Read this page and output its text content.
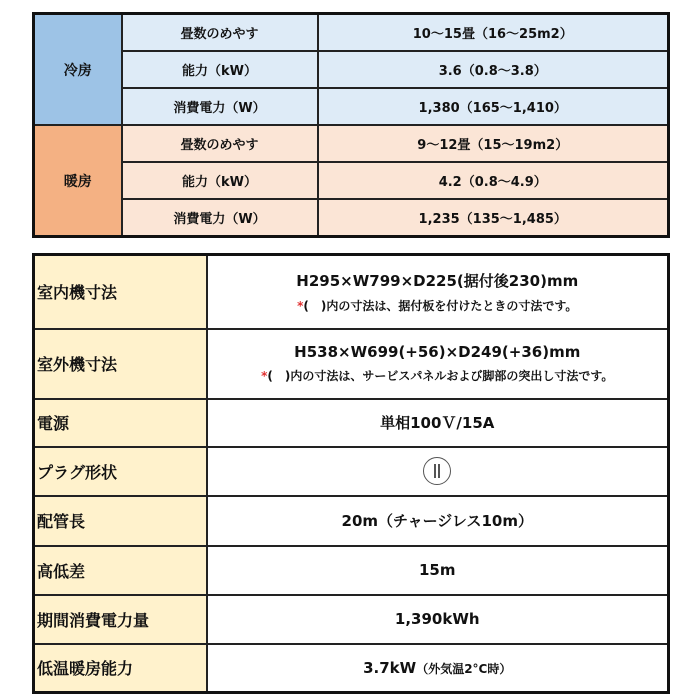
冷房	畳数のめやす	10～15畳（16～25m2）
	能力（kW）	3.6（0.8～3.8）
	消費電力（W）	1,380（165～1,410）
暖房	畳数のめやす	9～12畳（15～19m2）
	能力（kW）	4.2（0.8～4.9）
	消費電力（W）	1,235（135～1,485）
室内機寸法	H295×W799×D225(据付後230)mm
*(　)内の寸法は、据付板を付けたときの寸法です。

室外機寸法	H538×W699(+56)×D249(+36)mm
*(　)内の寸法は、サービスパネルおよび脚部の突出し寸法です。

電源	単相100Ｖ/15A
プラグ形状	

配管長	20m（チャージレス10m）
高低差	15m
期間消費電力量	1,390kWh
低温暖房能力	3.7kW（外気温2°C時）
